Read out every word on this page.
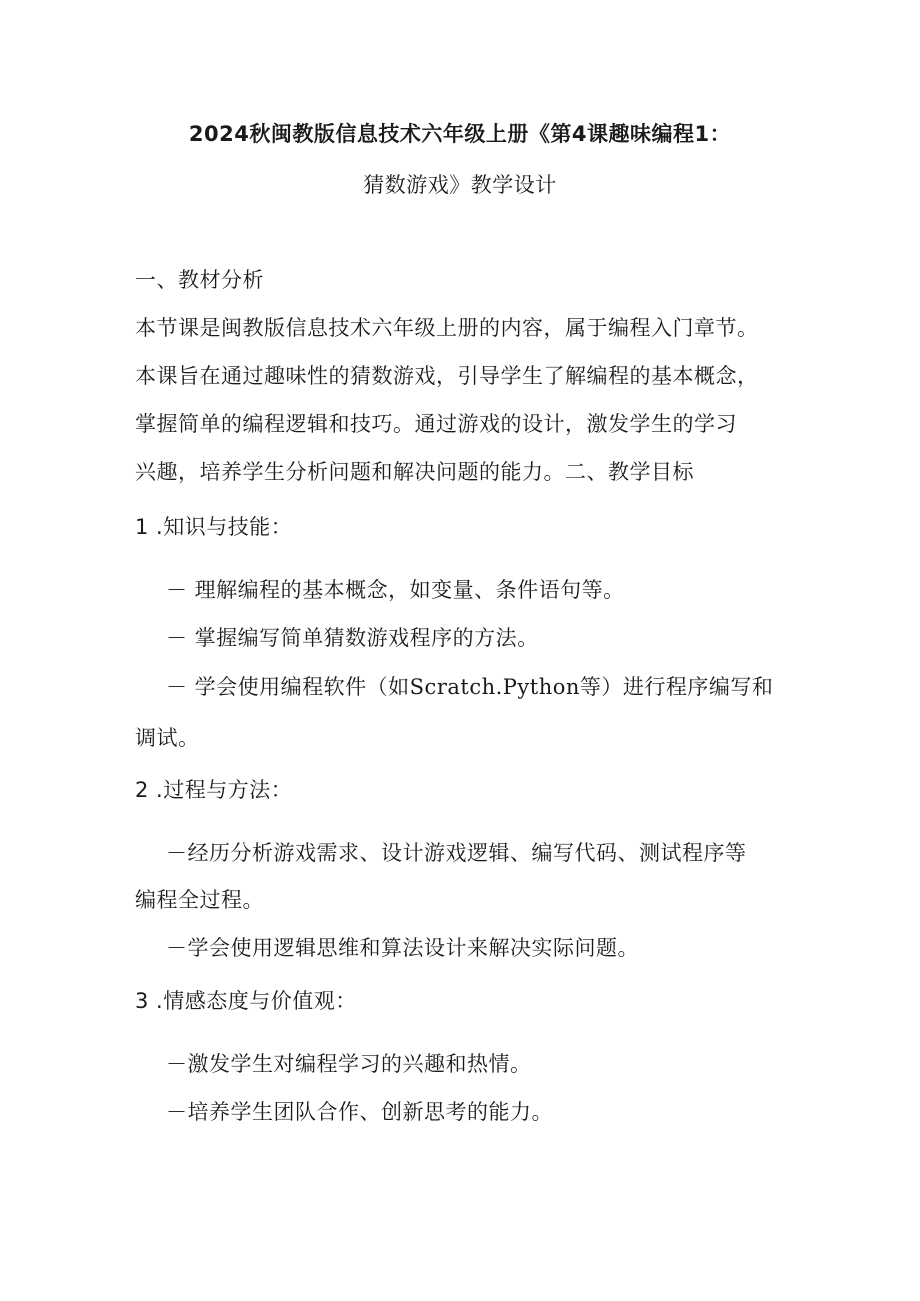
2024秋闽教版信息技术六年级上册《第4课趣味编程1：
猜数游戏》教学设计
一、教材分析
本节课是闽教版信息技术六年级上册的内容，属于编程入门章节。
本课旨在通过趣味性的猜数游戏，引导学生了解编程的基本概念，
掌握简单的编程逻辑和技巧。通过游戏的设计，激发学生的学习
兴趣，培养学生分析问题和解决问题的能力。二、教学目标
1 .知识与技能：
－ 理解编程的基本概念，如变量、条件语句等。
－ 掌握编写简单猜数游戏程序的方法。
－ 学会使用编程软件（如Scratch.Python等）进行程序编写和
调试。
2 .过程与方法：
－经历分析游戏需求、设计游戏逻辑、编写代码、测试程序等
编程全过程。
－学会使用逻辑思维和算法设计来解决实际问题。
3 .情感态度与价值观：
－激发学生对编程学习的兴趣和热情。
－培养学生团队合作、创新思考的能力。
